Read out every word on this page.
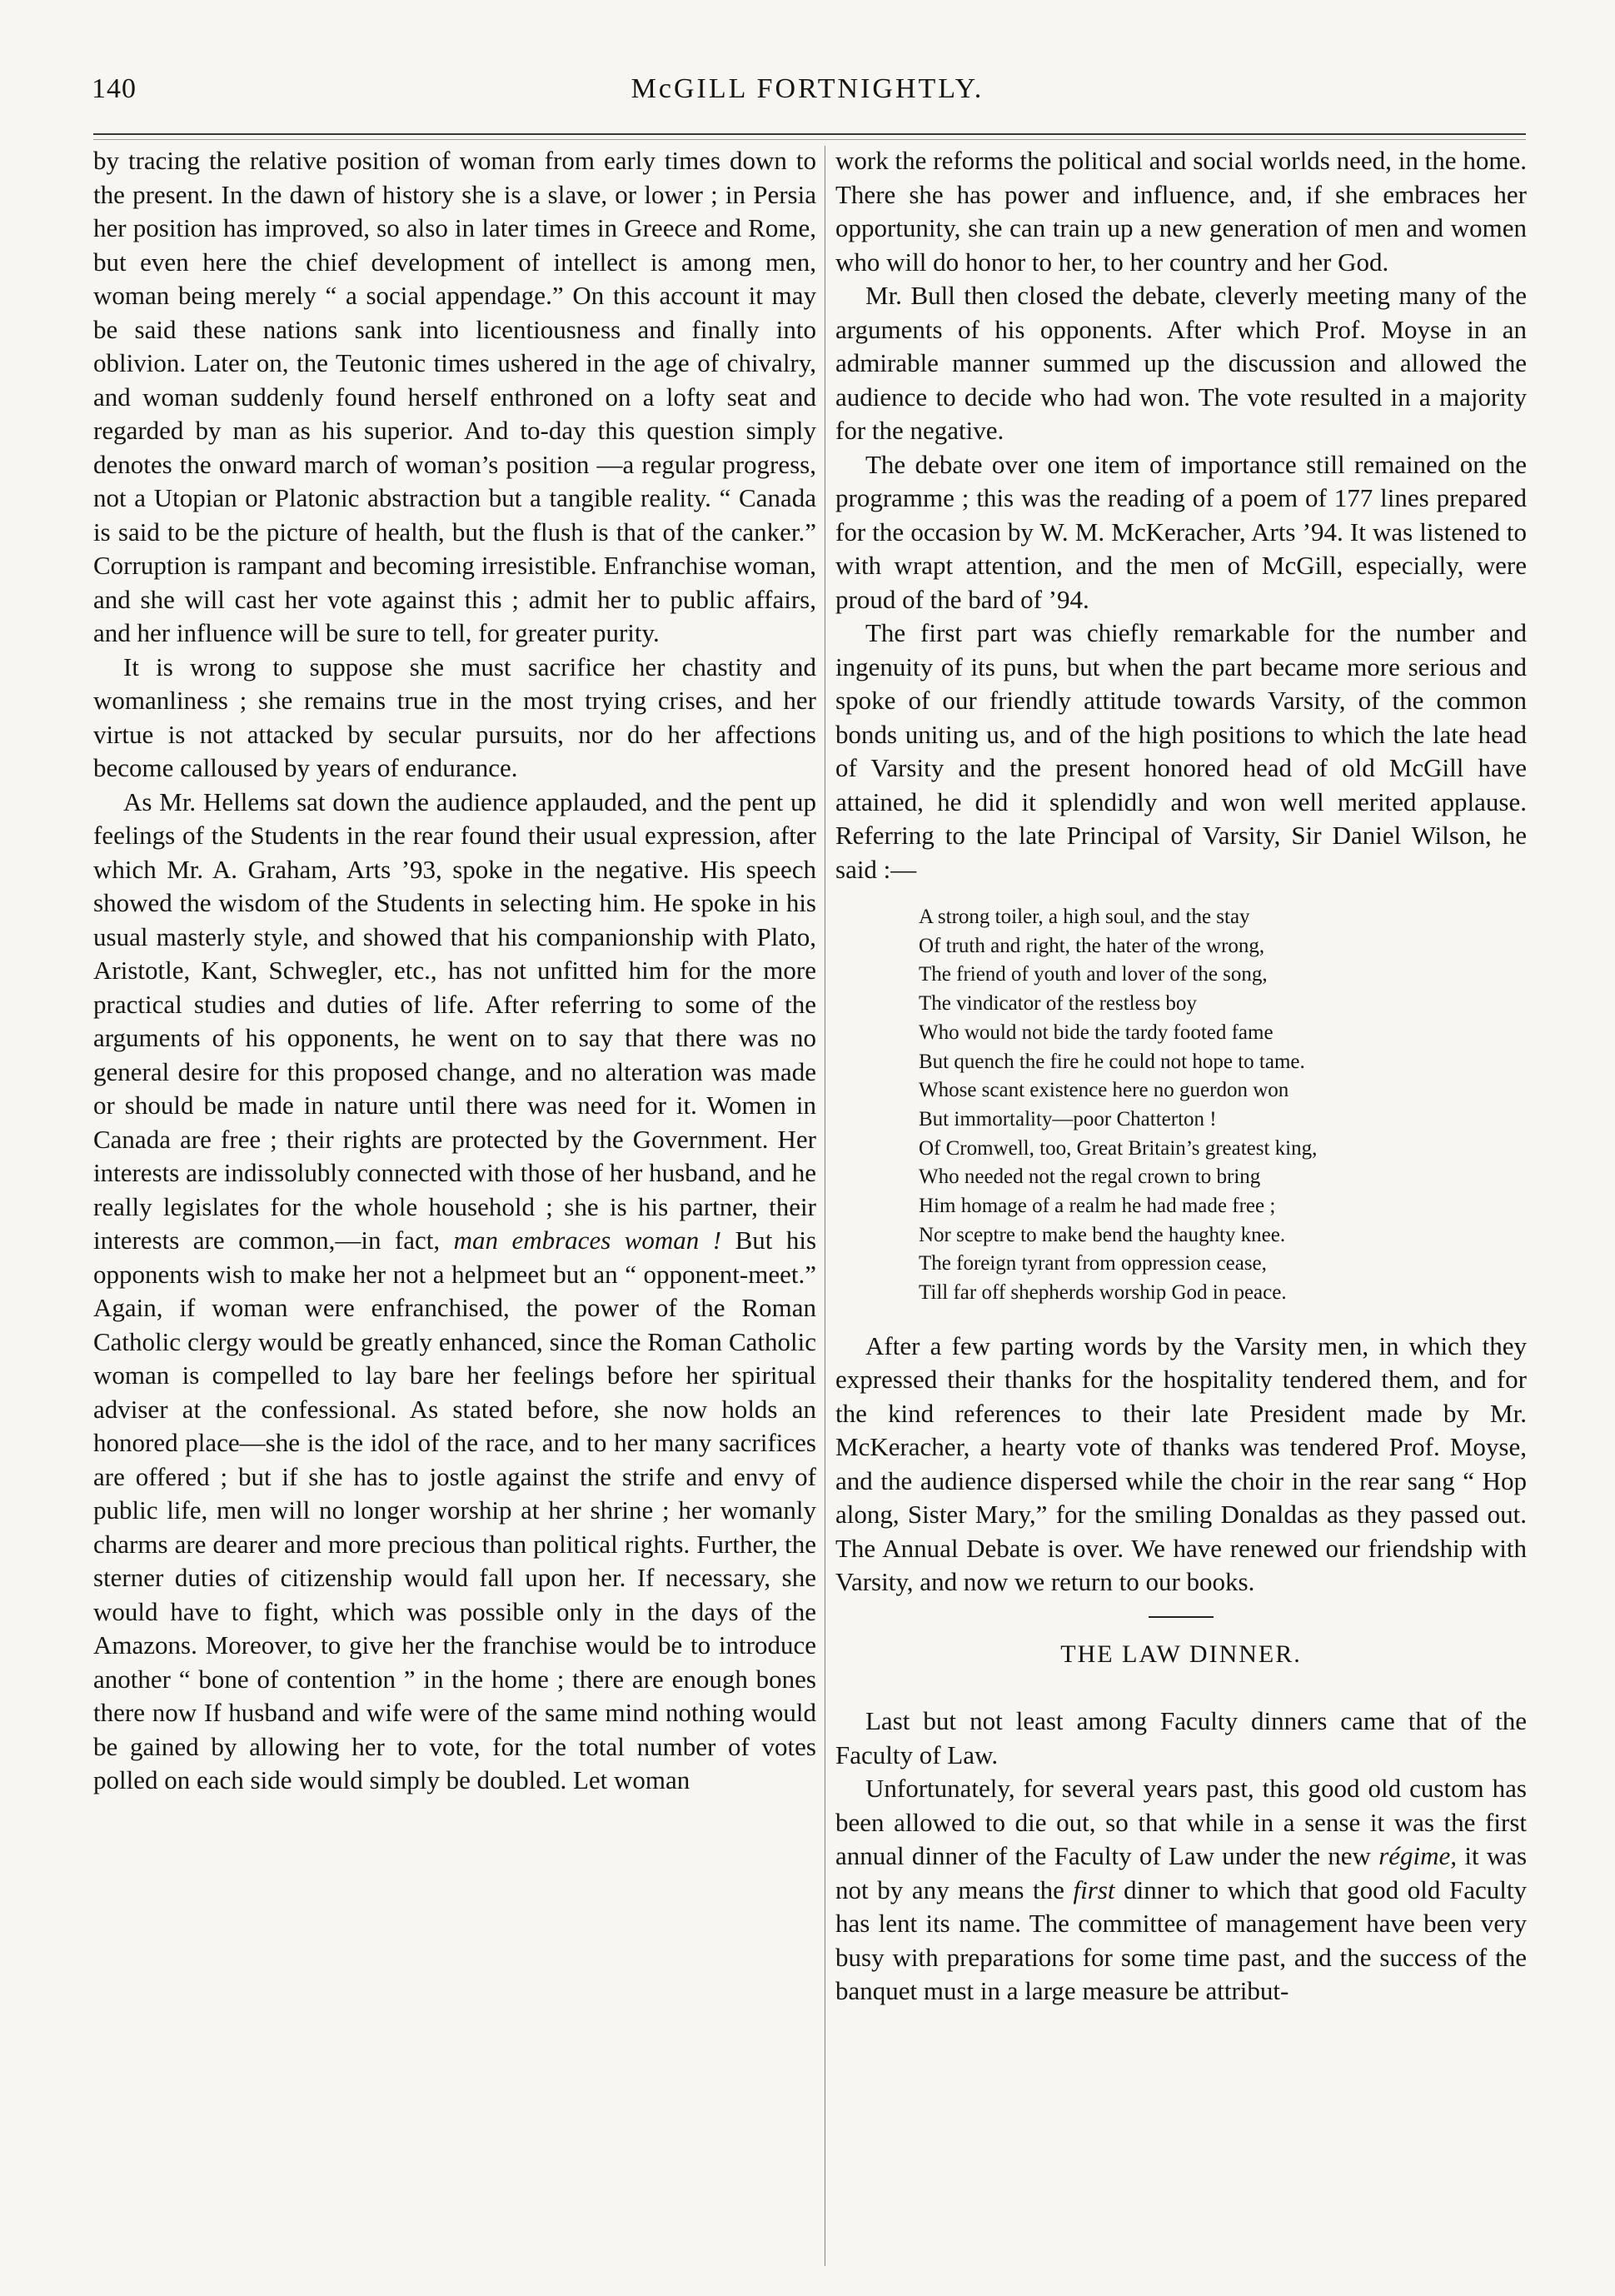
140	McGILL FORTNIGHTLY.

by tracing the relative position of woman from early times down to the present. In the dawn of history she is a slave, or lower ; in Persia her position has improved, so also in later times in Greece and Rome, but even here the chief development of intellect is among men, woman being merely “ a social appendage.” On this account it may be said these nations sank into licentiousness and finally into oblivion. Later on, the Teutonic times ushered in the age of chivalry, and woman suddenly found herself enthroned on a lofty seat and regarded by man as his superior. And to-day this question simply denotes the onward march of woman’s position —a regular progress, not a Utopian or Platonic abstraction but a tangible reality. “ Canada is said to be the picture of health, but the flush is that of the canker.” Corruption is rampant and becoming irresistible. Enfranchise woman, and she will cast her vote against this ; admit her to public affairs, and her influence will be sure to tell, for greater purity.

It is wrong to suppose she must sacrifice her chastity and womanliness ; she remains true in the most trying crises, and her virtue is not attacked by secular pursuits, nor do her affections become calloused by years of endurance.

As Mr. Hellems sat down the audience applauded, and the pent up feelings of the Students in the rear found their usual expression, after which Mr. A. Graham, Arts ’93, spoke in the negative. His speech showed the wisdom of the Students in selecting him. He spoke in his usual masterly style, and showed that his companionship with Plato, Aristotle, Kant, Schwegler, etc., has not unfitted him for the more practical studies and duties of life. After referring to some of the arguments of his opponents, he went on to say that there was no general desire for this proposed change, and no alteration was made or should be made in nature until there was need for it. Women in Canada are free ; their rights are protected by the Government. Her interests are indissolubly connected with those of her husband, and he really legislates for the whole household ; she is his partner, their interests are common,—in fact, man embraces woman ! But his opponents wish to make her not a helpmeet but an “ opponent-meet.” Again, if woman were enfranchised, the power of the Roman Catholic clergy would be greatly enhanced, since the Roman Catholic woman is compelled to lay bare her feelings before her spiritual adviser at the confessional. As stated before, she now holds an honored place—she is the idol of the race, and to her many sacrifices are offered ; but if she has to jostle against the strife and envy of public life, men will no longer worship at her shrine ; her womanly charms are dearer and more precious than political rights. Further, the sterner duties of citizenship would fall upon her. If necessary, she would have to fight, which was possible only in the days of the Amazons. Moreover, to give her the franchise would be to introduce another “ bone of contention ” in the home ; there are enough bones there now If husband and wife were of the same mind nothing would be gained by allowing her to vote, for the total number of votes polled on each side would simply be doubled. Let woman

work the reforms the political and social worlds need, in the home. There she has power and influence, and, if she embraces her opportunity, she can train up a new generation of men and women who will do honor to her, to her country and her God.

Mr. Bull then closed the debate, cleverly meeting many of the arguments of his opponents. After which Prof. Moyse in an admirable manner summed up the discussion and allowed the audience to decide who had won. The vote resulted in a majority for the negative.

The debate over one item of importance still remained on the programme ; this was the reading of a poem of 177 lines prepared for the occasion by W. M. McKeracher, Arts ’94. It was listened to with wrapt attention, and the men of McGill, especially, were proud of the bard of ’94.

The first part was chiefly remarkable for the number and ingenuity of its puns, but when the part became more serious and spoke of our friendly attitude towards Varsity, of the common bonds uniting us, and of the high positions to which the late head of Varsity and the present honored head of old McGill have attained, he did it splendidly and won well merited applause. Referring to the late Principal of Varsity, Sir Daniel Wilson, he said :—

A strong toiler, a high soul, and the stay
Of truth and right, the hater of the wrong,
The friend of youth and lover of the song,
The vindicator of the restless boy
Who would not bide the tardy footed fame
But quench the fire he could not hope to tame.
Whose scant existence here no guerdon won
But immortality—poor Chatterton !
Of Cromwell, too, Great Britain’s greatest king,
Who needed not the regal crown to bring
Him homage of a realm he had made free ;
Nor sceptre to make bend the haughty knee.
The foreign tyrant from oppression cease,
Till far off shepherds worship God in peace.

After a few parting words by the Varsity men, in which they expressed their thanks for the hospitality tendered them, and for the kind references to their late President made by Mr. McKeracher, a hearty vote of thanks was tendered Prof. Moyse, and the audience dispersed while the choir in the rear sang “ Hop along, Sister Mary,” for the smiling Donaldas as they passed out. The Annual Debate is over. We have renewed our friendship with Varsity, and now we return to our books.

THE LAW DINNER.

Last but not least among Faculty dinners came that of the Faculty of Law.

Unfortunately, for several years past, this good old custom has been allowed to die out, so that while in a sense it was the first annual dinner of the Faculty of Law under the new régime, it was not by any means the first dinner to which that good old Faculty has lent its name. The committee of management have been very busy with preparations for some time past, and the success of the banquet must in a large measure be attribut-
